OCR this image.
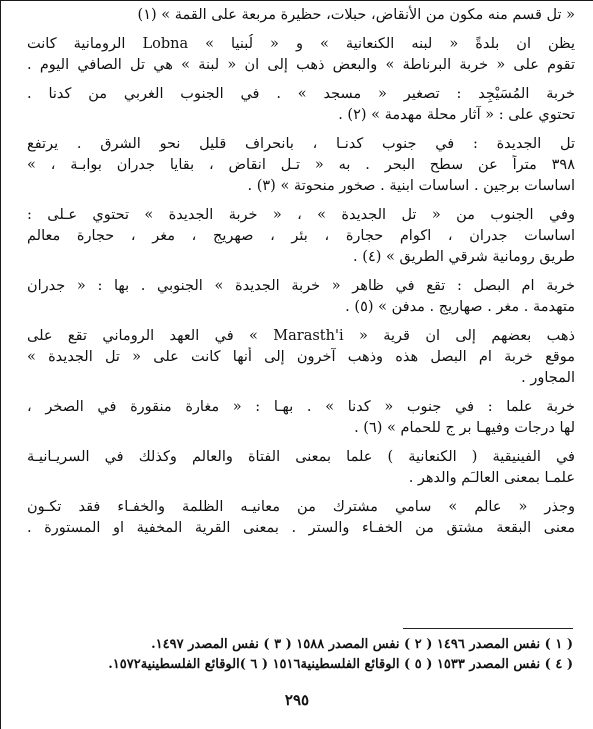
« تل قسم منه مكون من الأنقاض، حبلات، حظيرة مربعة على القمة » (١)
يظن ان بلدةً « لبنه الكنعانية » و « لُبنيا » Lobna الرومانية كانت
تقوم على « خربة البرناطة » والبعض ذهب إلى ان « لبنة » هي تل الصافي اليوم .
خربة المُسَيْجِد : تصغير « مسجد » . في الجنوب الغربي من كدنا .
تحتوي على : « آثار محلة مهدمة » (٢) .
تل الجديدة : في جنوب كدنـا ، بانحراف قليل نحو الشرق . يرتفع
٣٩٨ متراً عن سطح البحر . به « تـل انقاض ، بقايا جدران بوابـة ، »
اساسات برجين . اساسات ابنية . صخور منحوتة » (٣) .
وفي الجنوب من « تل الجديدة » ، « خربة الجديدة » تحتوي عـلى :
اساسات جدران ، اكوام حجارة ، بئر ، صهريج ، مغر ، حجارة معالم
طريق رومانية شرقي الطريق » (٤) .
خربة ام البصل : تقع في ظاهر « خربة الجديدة » الجنوبي . بها : « جدران
متهدمة . مغر . صهاريج . مدفن » (٥) .
ذهب بعضهم إلى ان قرية « Marasth'i » في العهد الروماني تقع على
موقع خربة ام البصل هذه وذهب آخرون إلى أنها كانت على « تل الجديدة »
المجاور .
خربة علما : في جنوب « كدنا » . بهـا : « مغارة منقورة في الصخر ،
لها درجات وفيهـا بر ج للحمام » (٦) .
في الفينيقية ( الكنعانية ) علما بمعنى الفتاة والعالم وكذلك في السريـانيـة
علمـا بمعنى العالـَم والدهر .
وجذر « عالم » سامي مشترك من معانيـه الظلمة والخفـاء فقد تكـون
معنى البقعة مشتق من الخفـاء والستر . بمعنى القرية المخفية او المستورة .
( ١ ) نفس المصدر ١٤٩٦ ( ٢ ) نفس المصدر ١٥٨٨ ( ٣ ) نفس المصدر ١٤٩٧.
( ٤ ) نفس المصدر ١٥٣٣ ( ٥ ) الوقائع الفلسطينية١٥١٦ ( ٦ )الوقائع الفلسطينية١٥٧٢.
٢٩٥
